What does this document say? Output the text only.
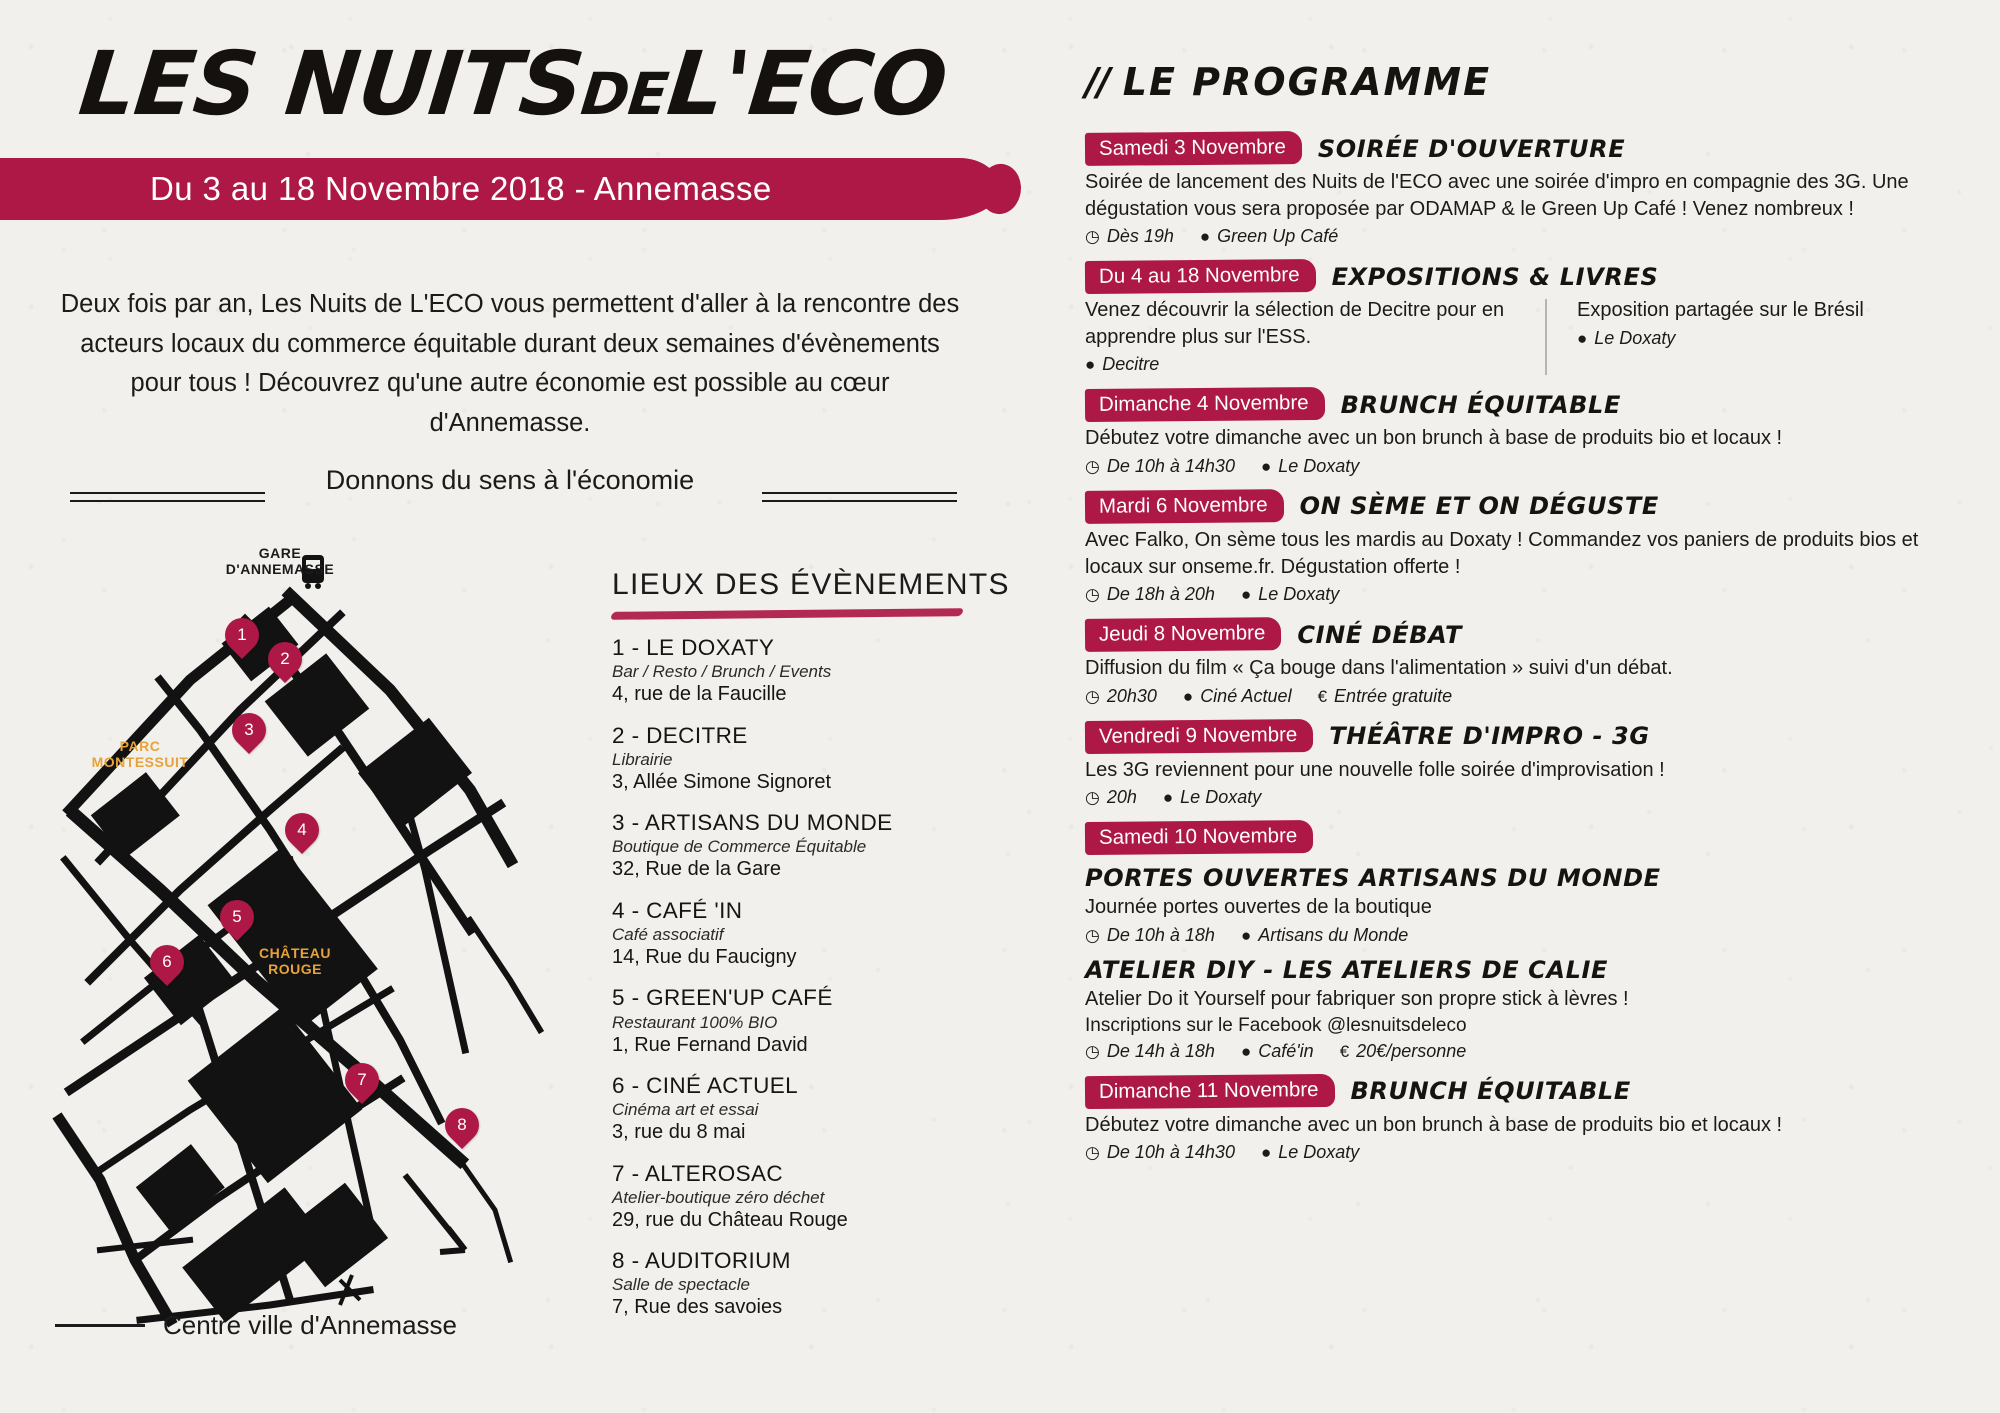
LES NUITSDEL'ECO
Du 3 au 18 Novembre 2018 - Annemasse
Deux fois par an, Les Nuits de L'ECO vous permettent d'aller à la rencontre des acteurs locaux du commerce équitable durant deux semaines d'évènements pour tous ! Découvrez qu'une autre économie est possible au cœur d'Annemasse.
Donnons du sens à l'économie
GARE
D'ANNEMASSE
PARC
MONTESSUIT
CHÂTEAU
ROUGE
1
2
3
4
5
6
7
8
Centre ville d'Annemasse
LIEUX DES ÉVÈNEMENTS
1 - LE DOXATY
Bar / Resto / Brunch / Events
4, rue de la Faucille
2 - DECITRE
Librairie
3, Allée Simone Signoret
3 - ARTISANS DU MONDE
Boutique de Commerce Équitable
32, Rue de la Gare
4 - CAFÉ 'IN
Café associatif
14, Rue du Faucigny
5 - GREEN'UP CAFÉ
Restaurant 100% BIO
1, Rue Fernand David
6 - CINÉ ACTUEL
Cinéma art et essai
3, rue du 8 mai
7 - ALTEROSAC
Atelier-boutique zéro déchet
29, rue du Château Rouge
8 - AUDITORIUM
Salle de spectacle
7, Rue des savoies
// LE PROGRAMME
Samedi 3 Novembre	SOIRÉE D'OUVERTURE
Soirée de lancement des Nuits de l'ECO avec une soirée d'impro en compagnie des 3G. Une dégustation vous sera proposée par ODAMAP & le Green Up Café ! Venez nombreux !
◷ Dès 19h ● Green Up Café
Du 4 au 18 Novembre	EXPOSITIONS & LIVRES
Venez découvrir la sélection de Decitre pour en apprendre plus sur l'ESS.
● Decitre
Exposition partagée sur le Brésil
● Le Doxaty
Dimanche 4 Novembre	BRUNCH ÉQUITABLE
Débutez votre dimanche avec un bon brunch à base de produits bio et locaux !
◷ De 10h à 14h30 ● Le Doxaty
Mardi 6 Novembre	ON SÈME ET ON DÉGUSTE
Avec Falko, On sème tous les mardis au Doxaty ! Commandez vos paniers de produits bios et locaux sur onseme.fr. Dégustation offerte !
◷ De 18h à 20h ● Le Doxaty
Jeudi 8 Novembre	CINÉ DÉBAT
Diffusion du film « Ça bouge dans l'alimentation » suivi d'un débat.
◷ 20h30 ● Ciné Actuel € Entrée gratuite
Vendredi 9 Novembre	THÉÂTRE D'IMPRO - 3G
Les 3G reviennent pour une nouvelle folle soirée d'improvisation !
◷ 20h ● Le Doxaty
Samedi 10 Novembre
PORTES OUVERTES ARTISANS DU MONDE
Journée portes ouvertes de la boutique
◷ De 10h à 18h ● Artisans du Monde
ATELIER DIY - LES ATELIERS DE CALIE
Atelier Do it Yourself pour fabriquer son propre stick à lèvres !
Inscriptions sur le Facebook @lesnuitsdeleco
◷ De 14h à 18h ● Café'in € 20€/personne
Dimanche 11 Novembre	BRUNCH ÉQUITABLE
Débutez votre dimanche avec un bon brunch à base de produits bio et locaux !
◷ De 10h à 14h30 ● Le Doxaty
